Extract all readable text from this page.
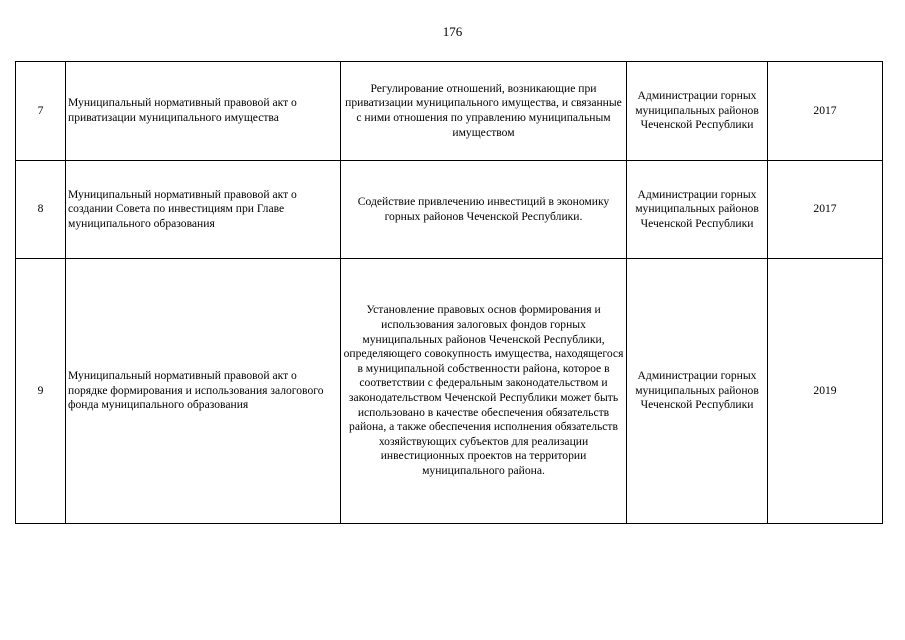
176
7	Муниципальный нормативный правовой акт о приватизации муниципального имущества	Регулирование отношений, возникающие при приватизации муниципального имущества, и связанные с ними отношения по управлению муниципальным имуществом	Администрации горных муниципальных районов Чеченской Республики	2017
8	Муниципальный нормативный правовой акт о создании Совета по инвестициям при Главе муниципального образования	Содействие привлечению инвестиций в экономику горных районов Чеченской Республики.	Администрации горных муниципальных районов Чеченской Республики	2017
9	Муниципальный нормативный правовой акт о порядке формирования и использования залогового фонда муниципального образования	Установление правовых основ формирования и использования залоговых фондов горных муниципальных районов Чеченской Республики, определяющего совокупность имущества, находящегося в муниципальной собственности района, которое в соответствии с федеральным законодательством и законодательством Чеченской Республики может быть использовано в качестве обеспечения обязательств района, а также обеспечения исполнения обязательств хозяйствующих субъектов для реализации инвестиционных проектов на территории муниципального района.	Администрации горных муниципальных районов Чеченской Республики	2019
